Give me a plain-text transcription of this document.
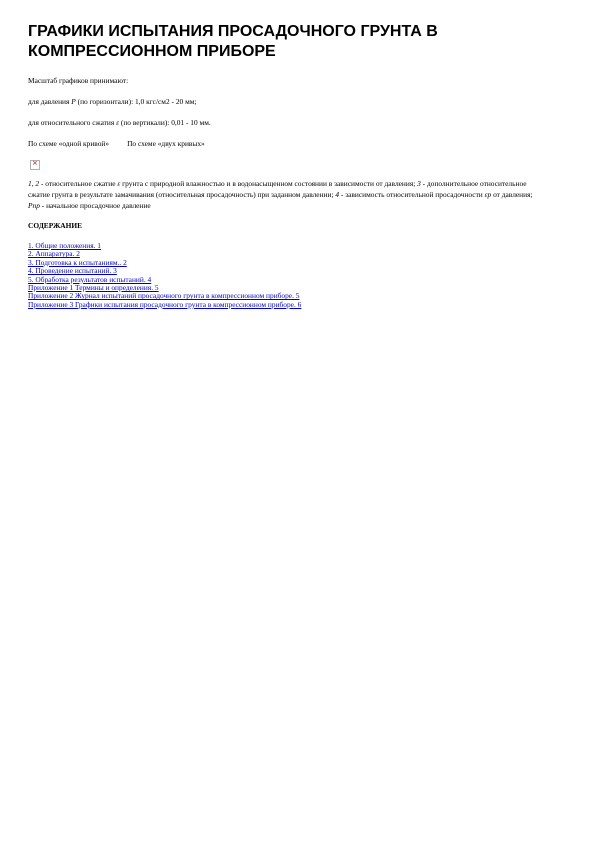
ГРАФИКИ ИСПЫТАНИЯ ПРОСАДОЧНОГО ГРУНТА В КОМПРЕССИОННОМ ПРИБОРЕ
Масштаб графиков принимают:
для давления P (по горизонтали): 1,0 кгс/см2 - 20 мм;
для относительного сжатия ε (по вертикали): 0,01 - 10 мм.
По схеме «одной кривой» По схеме «двух кривых»
×
1, 2 - относительное сжатие ε грунта с природной влажностью и в водонасыщенном состоянии в зависимости от давления; 3 - дополнительное относительное сжатие грунта в результате замачивания (относительная просадочность) при заданном давлении; 4 - зависимость относительной просадочности εр от давления; Pпр - начальное просадочное давление
СОДЕРЖАНИЕ
1. Общие положения. 1
2. Аппаратура. 2
3. Подготовка к испытаниям.. 2
4. Проведение испытаний. 3
5. Обработка результатов испытаний. 4
Приложение 1 Термины и определения. 5
Приложение 2 Журнал испытаний просадочного грунта в компрессионном приборе. 5
Приложение 3 Графики испытания просадочного грунта в компрессионном приборе. 6
